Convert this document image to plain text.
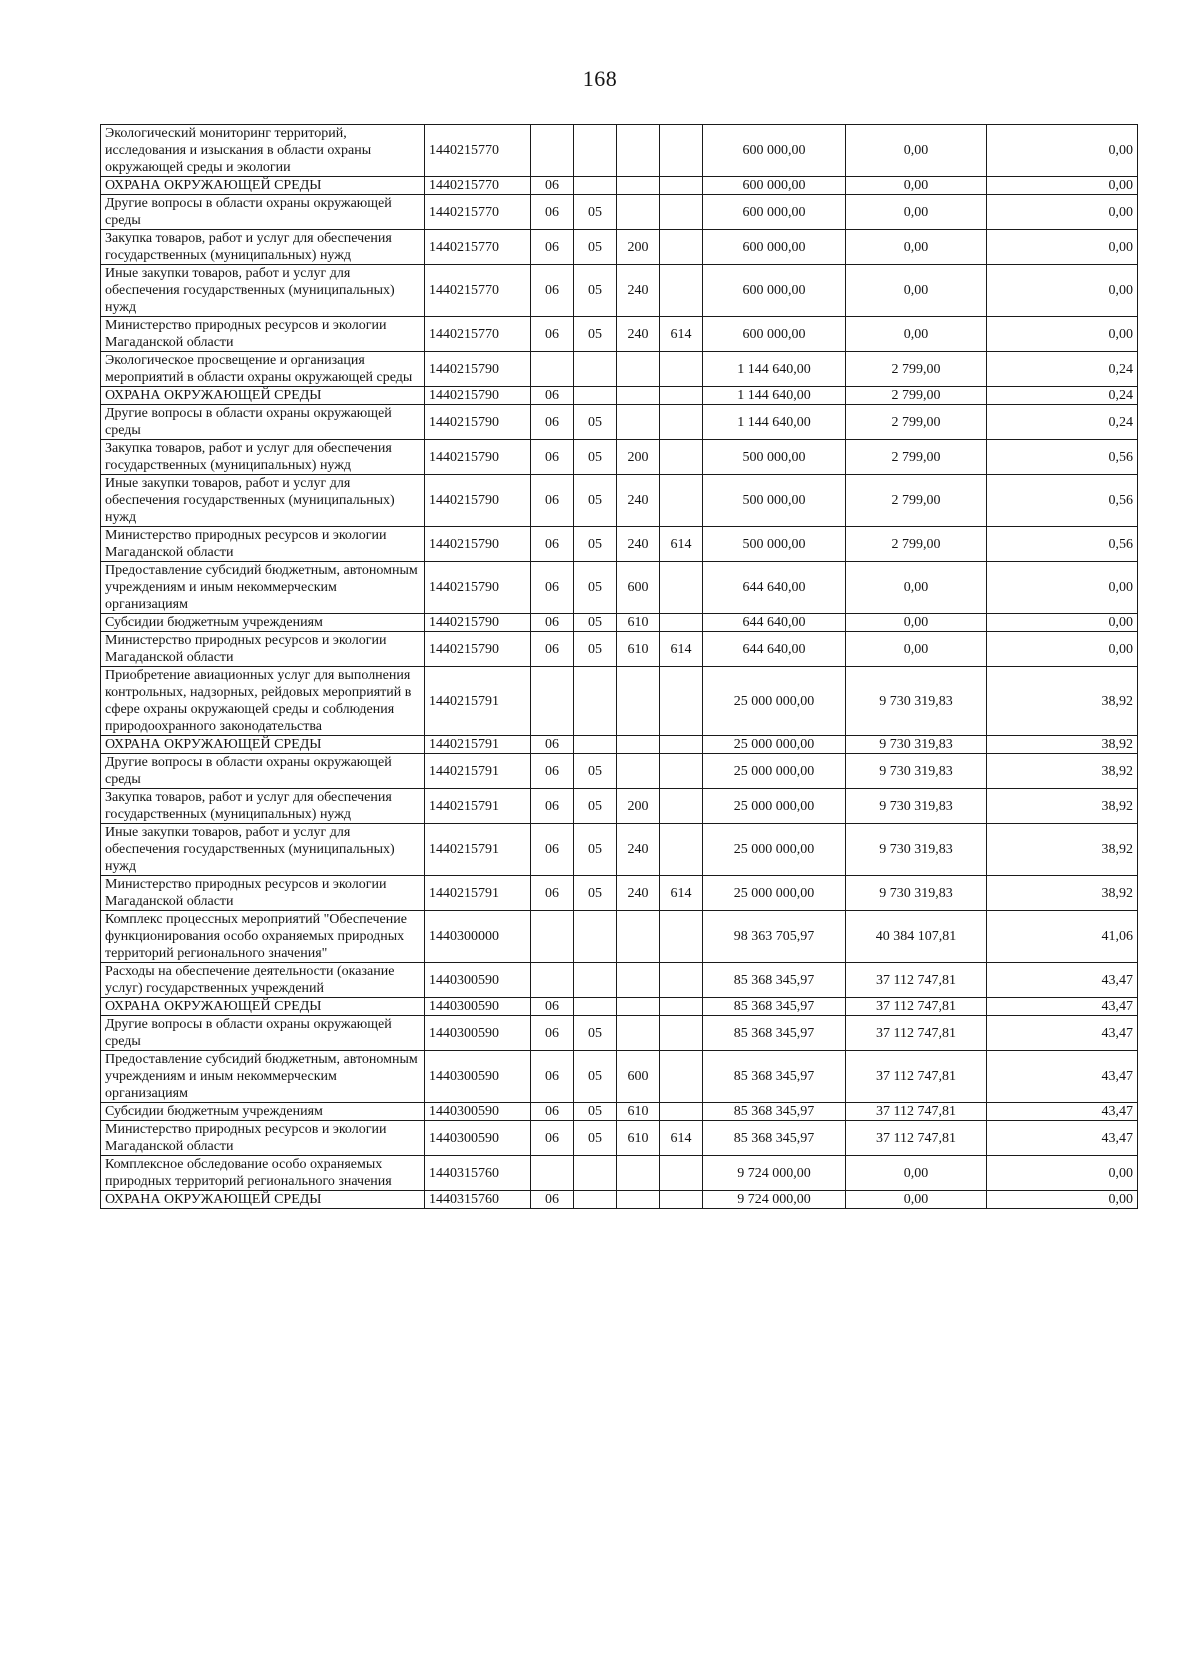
168
Экологический мониторинг территорий, исследования и изыскания в области охраны окружающей среды и экологии	1440215770					600 000,00	0,00	0,00
ОХРАНА ОКРУЖАЮЩЕЙ СРЕДЫ	1440215770	06				600 000,00	0,00	0,00
Другие вопросы в области охраны окружающей среды	1440215770	06	05			600 000,00	0,00	0,00
Закупка товаров, работ и услуг для обеспечения государственных (муниципальных) нужд	1440215770	06	05	200		600 000,00	0,00	0,00
Иные закупки товаров, работ и услуг для обеспечения государственных (муниципальных) нужд	1440215770	06	05	240		600 000,00	0,00	0,00
Министерство природных ресурсов и экологии Магаданской области	1440215770	06	05	240	614	600 000,00	0,00	0,00
Экологическое просвещение и организация мероприятий в области охраны окружающей среды	1440215790					1 144 640,00	2 799,00	0,24
ОХРАНА ОКРУЖАЮЩЕЙ СРЕДЫ	1440215790	06				1 144 640,00	2 799,00	0,24
Другие вопросы в области охраны окружающей среды	1440215790	06	05			1 144 640,00	2 799,00	0,24
Закупка товаров, работ и услуг для обеспечения государственных (муниципальных) нужд	1440215790	06	05	200		500 000,00	2 799,00	0,56
Иные закупки товаров, работ и услуг для обеспечения государственных (муниципальных) нужд	1440215790	06	05	240		500 000,00	2 799,00	0,56
Министерство природных ресурсов и экологии Магаданской области	1440215790	06	05	240	614	500 000,00	2 799,00	0,56
Предоставление субсидий бюджетным, автономным учреждениям и иным некоммерческим организациям	1440215790	06	05	600		644 640,00	0,00	0,00
Субсидии бюджетным учреждениям	1440215790	06	05	610		644 640,00	0,00	0,00
Министерство природных ресурсов и экологии Магаданской области	1440215790	06	05	610	614	644 640,00	0,00	0,00
Приобретение авиационных услуг для выполнения контрольных, надзорных, рейдовых мероприятий в сфере охраны окружающей среды и соблюдения природоохранного законодательства	1440215791					25 000 000,00	9 730 319,83	38,92
ОХРАНА ОКРУЖАЮЩЕЙ СРЕДЫ	1440215791	06				25 000 000,00	9 730 319,83	38,92
Другие вопросы в области охраны окружающей среды	1440215791	06	05			25 000 000,00	9 730 319,83	38,92
Закупка товаров, работ и услуг для обеспечения государственных (муниципальных) нужд	1440215791	06	05	200		25 000 000,00	9 730 319,83	38,92
Иные закупки товаров, работ и услуг для обеспечения государственных (муниципальных) нужд	1440215791	06	05	240		25 000 000,00	9 730 319,83	38,92
Министерство природных ресурсов и экологии Магаданской области	1440215791	06	05	240	614	25 000 000,00	9 730 319,83	38,92
Комплекс процессных мероприятий "Обеспечение функционирования особо охраняемых природных территорий регионального значения"	1440300000					98 363 705,97	40 384 107,81	41,06
Расходы на обеспечение деятельности (оказание услуг) государственных учреждений	1440300590					85 368 345,97	37 112 747,81	43,47
ОХРАНА ОКРУЖАЮЩЕЙ СРЕДЫ	1440300590	06				85 368 345,97	37 112 747,81	43,47
Другие вопросы в области охраны окружающей среды	1440300590	06	05			85 368 345,97	37 112 747,81	43,47
Предоставление субсидий бюджетным, автономным учреждениям и иным некоммерческим организациям	1440300590	06	05	600		85 368 345,97	37 112 747,81	43,47
Субсидии бюджетным учреждениям	1440300590	06	05	610		85 368 345,97	37 112 747,81	43,47
Министерство природных ресурсов и экологии Магаданской области	1440300590	06	05	610	614	85 368 345,97	37 112 747,81	43,47
Комплексное обследование особо охраняемых природных территорий регионального значения	1440315760					9 724 000,00	0,00	0,00
ОХРАНА ОКРУЖАЮЩЕЙ СРЕДЫ	1440315760	06				9 724 000,00	0,00	0,00
